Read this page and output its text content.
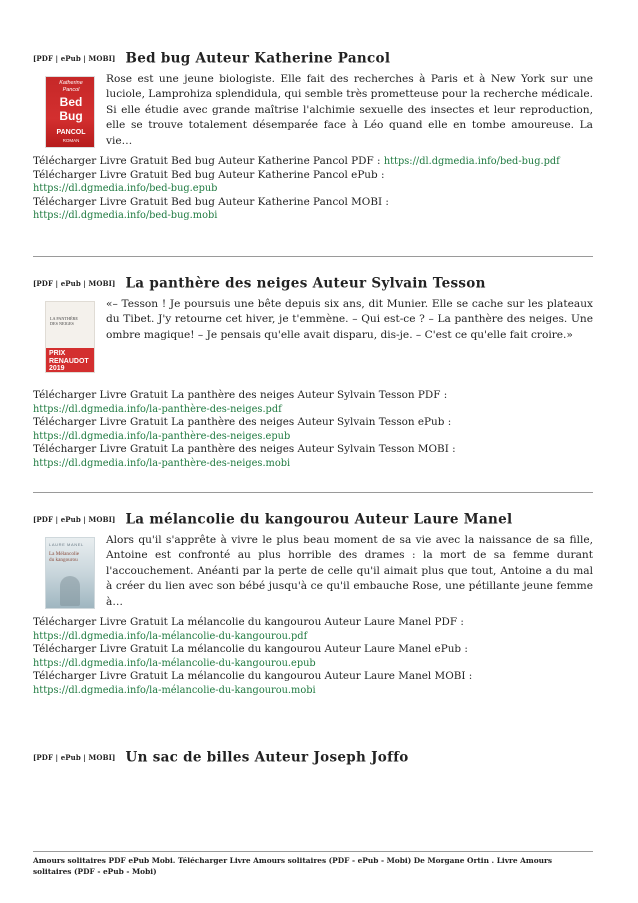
[PDF | ePub | MOBI] Bed bug Auteur Katherine Pancol
Katherine
Pancol
Bed
Bug
PANCOL
ROMAN
Rose est une jeune biologiste. Elle fait des recherches à Paris et à New York sur une luciole, Lamprohiza splendidula, qui semble très prometteuse pour la recherche médicale. Si elle étudie avec grande maîtrise l'alchimie sexuelle des insectes et leur reproduction, elle se trouve totalement désemparée face à Léo quand elle en tombe amoureuse. La vie…
Télécharger Livre Gratuit Bed bug Auteur Katherine Pancol PDF : https://dl.dgmedia.info/bed-bug.pdf
Télécharger Livre Gratuit Bed bug Auteur Katherine Pancol ePub :
https://dl.dgmedia.info/bed-bug.epub
Télécharger Livre Gratuit Bed bug Auteur Katherine Pancol MOBI :
https://dl.dgmedia.info/bed-bug.mobi
[PDF | ePub | MOBI] La panthère des neiges Auteur Sylvain Tesson
LA PANTHÈRE
DES NEIGES
PRIX
RENAUDOT
2019
«– Tesson ! Je poursuis une bête depuis six ans, dit Munier. Elle se cache sur les plateaux du Tibet. J'y retourne cet hiver, je t'emmène. – Qui est-ce ? – La panthère des neiges. Une ombre magique! – Je pensais qu'elle avait disparu, dis-je. – C'est ce qu'elle fait croire.»
Télécharger Livre Gratuit La panthère des neiges Auteur Sylvain Tesson PDF :
https://dl.dgmedia.info/la-panthère-des-neiges.pdf
Télécharger Livre Gratuit La panthère des neiges Auteur Sylvain Tesson ePub :
https://dl.dgmedia.info/la-panthère-des-neiges.epub
Télécharger Livre Gratuit La panthère des neiges Auteur Sylvain Tesson MOBI :
https://dl.dgmedia.info/la-panthère-des-neiges.mobi
[PDF | ePub | MOBI] La mélancolie du kangourou Auteur Laure Manel
LAURE MANEL
La Mélancolie
du kangourou
Alors qu'il s'apprête à vivre le plus beau moment de sa vie avec la naissance de sa fille, Antoine est confronté au plus horrible des drames : la mort de sa femme durant l'accouchement. Anéanti par la perte de celle qu'il aimait plus que tout, Antoine a du mal à créer du lien avec son bébé jusqu'à ce qu'il embauche Rose, une pétillante jeune femme à…
Télécharger Livre Gratuit La mélancolie du kangourou Auteur Laure Manel PDF :
https://dl.dgmedia.info/la-mélancolie-du-kangourou.pdf
Télécharger Livre Gratuit La mélancolie du kangourou Auteur Laure Manel ePub :
https://dl.dgmedia.info/la-mélancolie-du-kangourou.epub
Télécharger Livre Gratuit La mélancolie du kangourou Auteur Laure Manel MOBI :
https://dl.dgmedia.info/la-mélancolie-du-kangourou.mobi
[PDF | ePub | MOBI] Un sac de billes Auteur Joseph Joffo
Amours solitaires PDF ePub Mobi. Télécharger Livre Amours solitaires (PDF - ePub - Mobi) De Morgane Ortin . Livre Amours solitaires (PDF - ePub - Mobi)
